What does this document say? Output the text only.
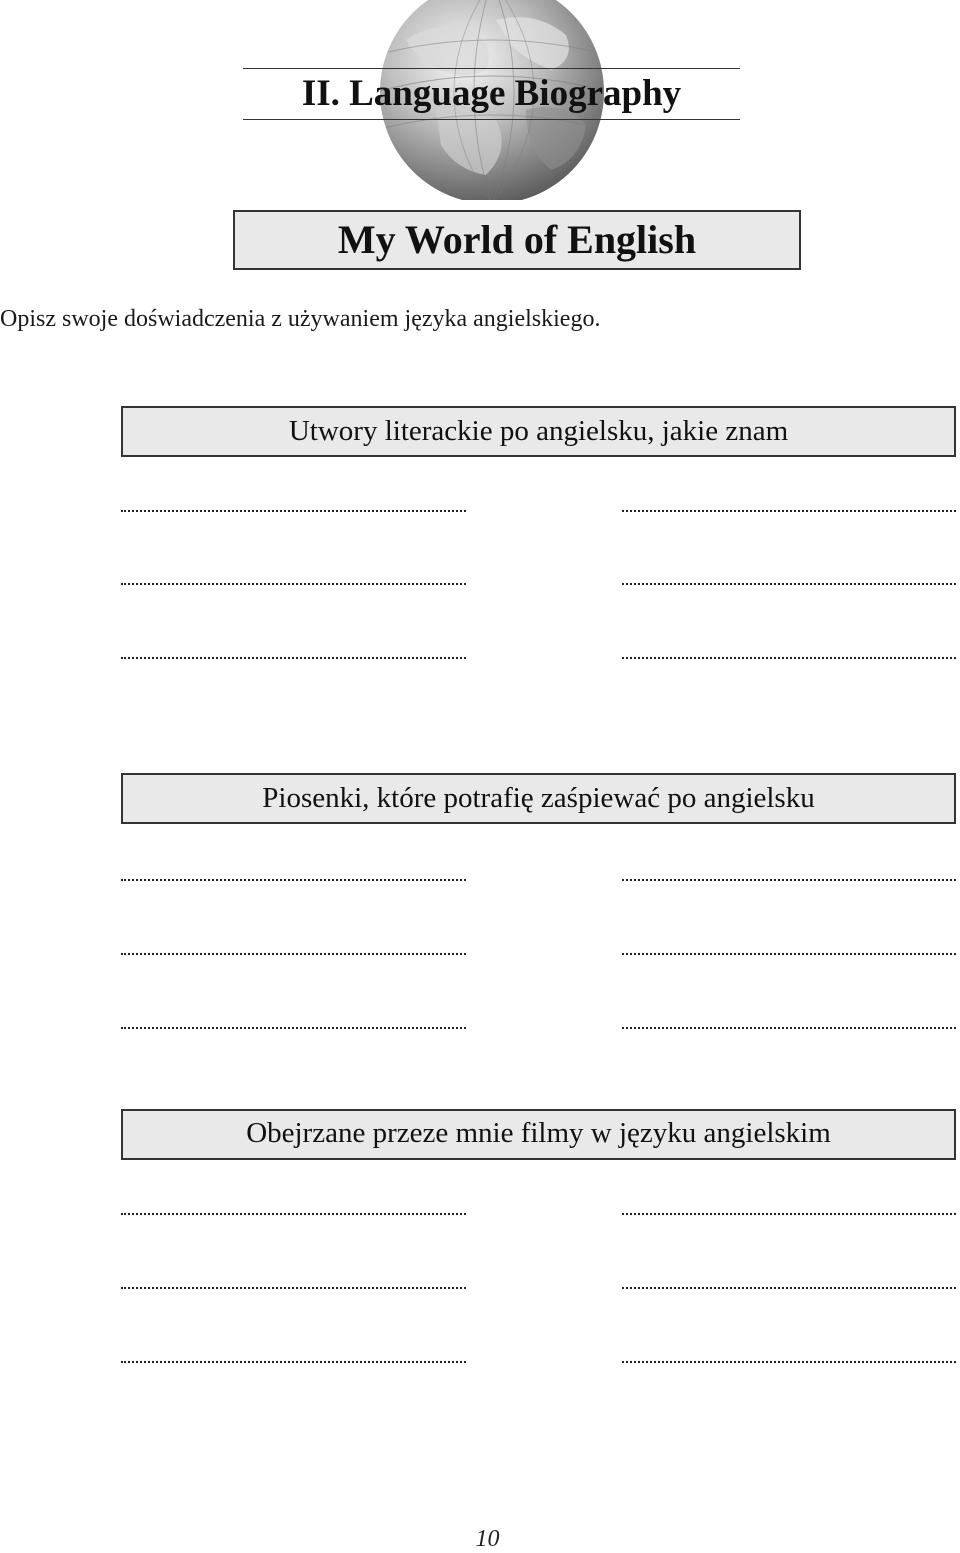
II. Language Biography
My World of English
Opisz swoje doświadczenia z używaniem języka angielskiego.
Utwory literackie po angielsku, jakie znam
Piosenki, które potrafię zaśpiewać po angielsku
Obejrzane przeze mnie filmy w języku angielskim
10
